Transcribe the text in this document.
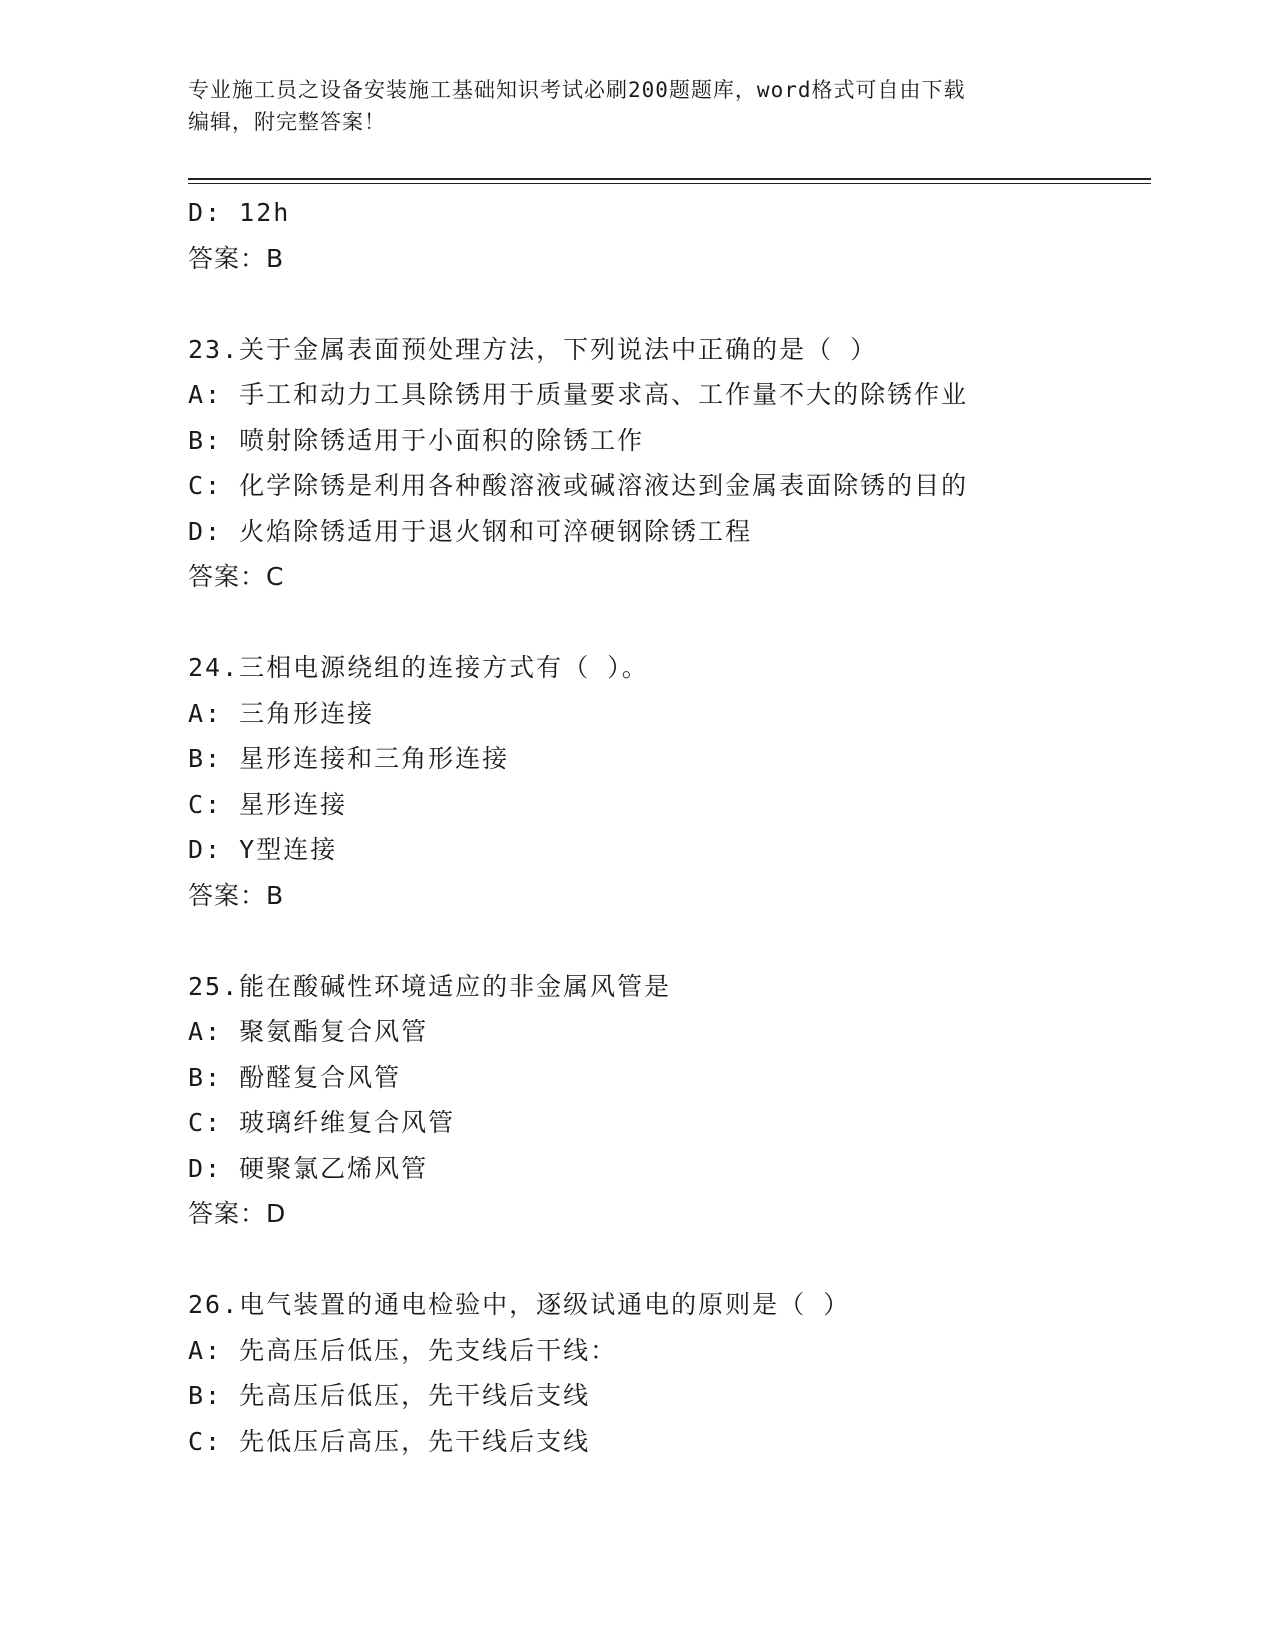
专业施工员之设备安装施工基础知识考试必刷200题题库，word格式可自由下载
编辑，附完整答案！
D: 12h
答案：B
23.关于金属表面预处理方法，下列说法中正确的是（ ）
A: 手工和动力工具除锈用于质量要求高、工作量不大的除锈作业
B: 喷射除锈适用于小面积的除锈工作
C: 化学除锈是利用各种酸溶液或碱溶液达到金属表面除锈的目的
D: 火焰除锈适用于退火钢和可淬硬钢除锈工程
答案：C
24.三相电源绕组的连接方式有（ ）。
A: 三角形连接
B: 星形连接和三角形连接
C: 星形连接
D: Y型连接
答案：B
25.能在酸碱性环境适应的非金属风管是
A: 聚氨酯复合风管
B: 酚醛复合风管
C: 玻璃纤维复合风管
D: 硬聚氯乙烯风管
答案：D
26.电气装置的通电检验中，逐级试通电的原则是（ ）
A: 先高压后低压，先支线后干线：
B: 先高压后低压，先干线后支线
C: 先低压后高压，先干线后支线
